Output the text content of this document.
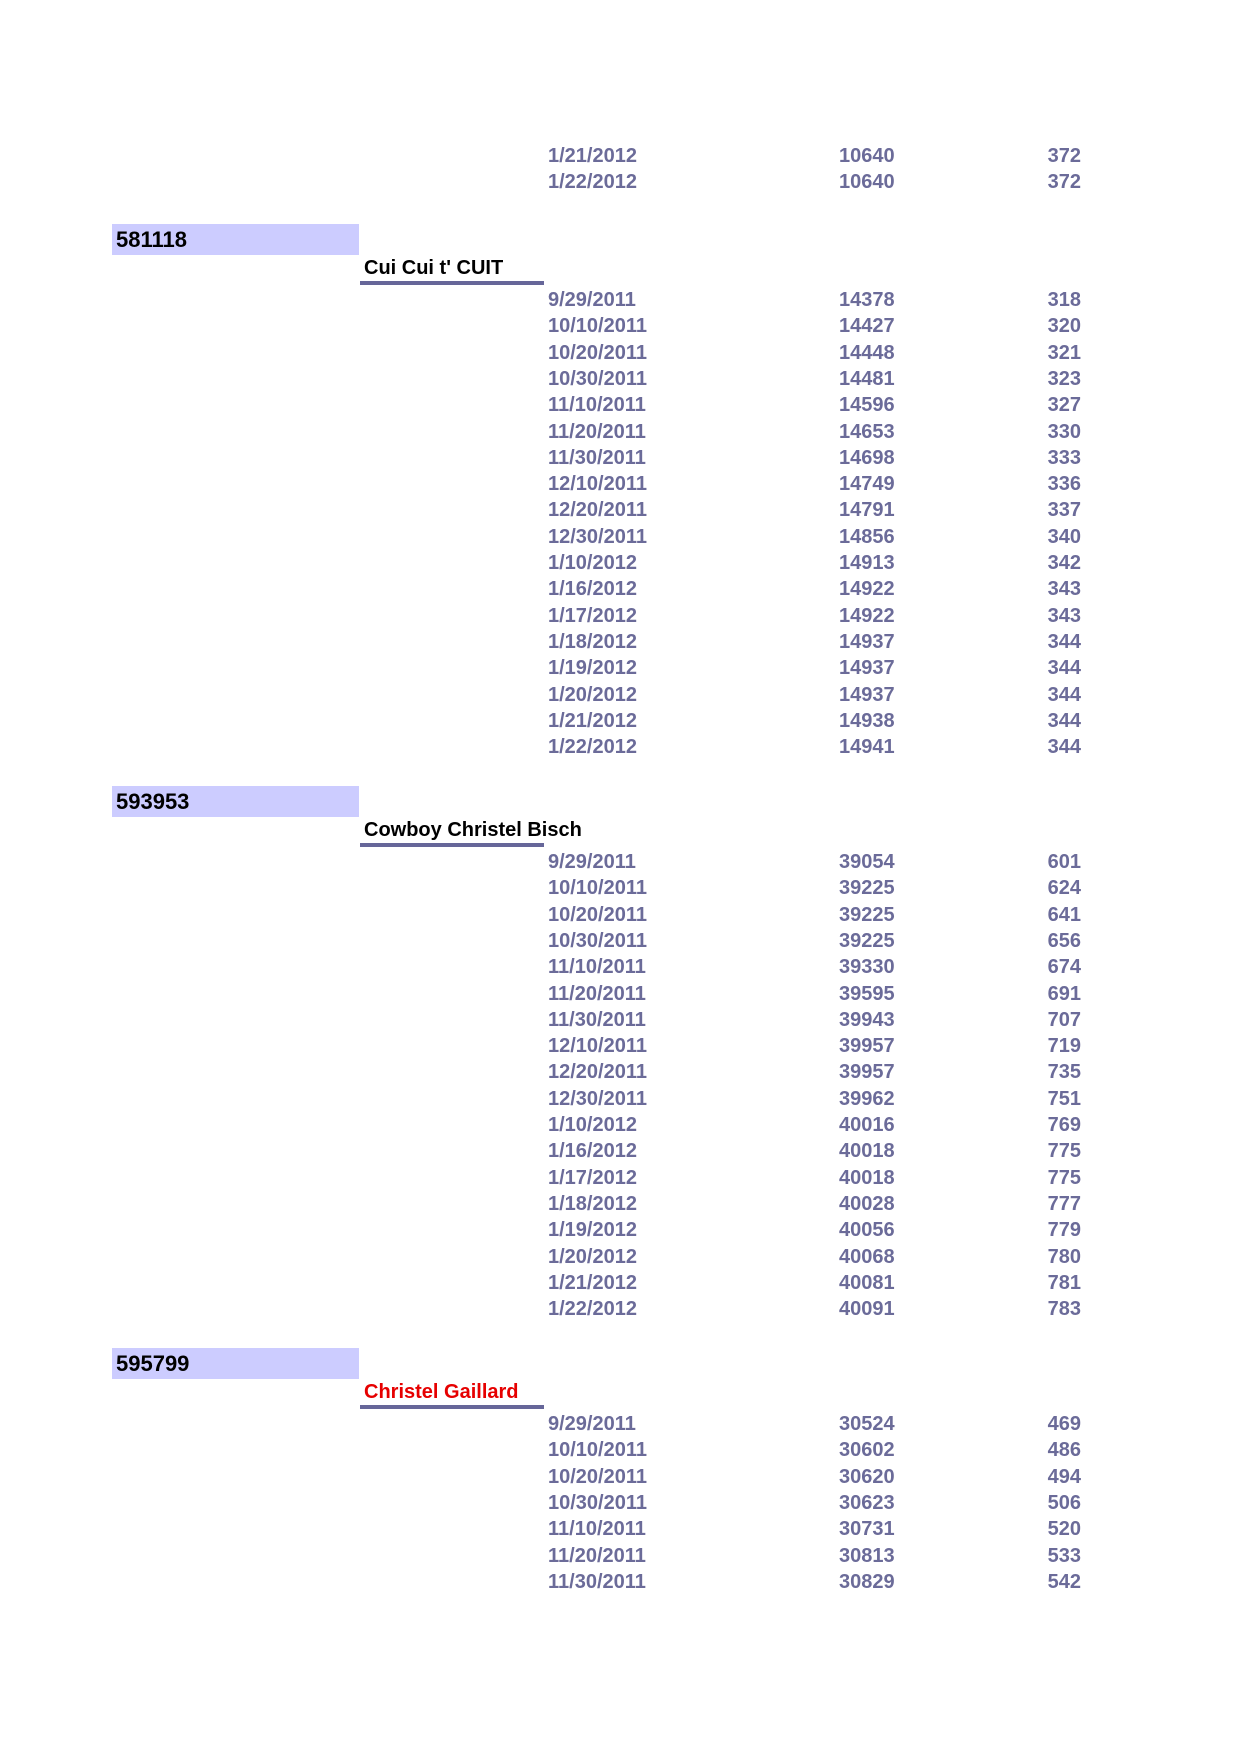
1/21/2012	10640	372
1/22/2012	10640	372
581118
Cui Cui t' CUIT
9/29/2011	14378	318
10/10/2011	14427	320
10/20/2011	14448	321
10/30/2011	14481	323
11/10/2011	14596	327
11/20/2011	14653	330
11/30/2011	14698	333
12/10/2011	14749	336
12/20/2011	14791	337
12/30/2011	14856	340
1/10/2012	14913	342
1/16/2012	14922	343
1/17/2012	14922	343
1/18/2012	14937	344
1/19/2012	14937	344
1/20/2012	14937	344
1/21/2012	14938	344
1/22/2012	14941	344
593953
Cowboy Christel Bisch
9/29/2011	39054	601
10/10/2011	39225	624
10/20/2011	39225	641
10/30/2011	39225	656
11/10/2011	39330	674
11/20/2011	39595	691
11/30/2011	39943	707
12/10/2011	39957	719
12/20/2011	39957	735
12/30/2011	39962	751
1/10/2012	40016	769
1/16/2012	40018	775
1/17/2012	40018	775
1/18/2012	40028	777
1/19/2012	40056	779
1/20/2012	40068	780
1/21/2012	40081	781
1/22/2012	40091	783
595799
Christel Gaillard
9/29/2011	30524	469
10/10/2011	30602	486
10/20/2011	30620	494
10/30/2011	30623	506
11/10/2011	30731	520
11/20/2011	30813	533
11/30/2011	30829	542
